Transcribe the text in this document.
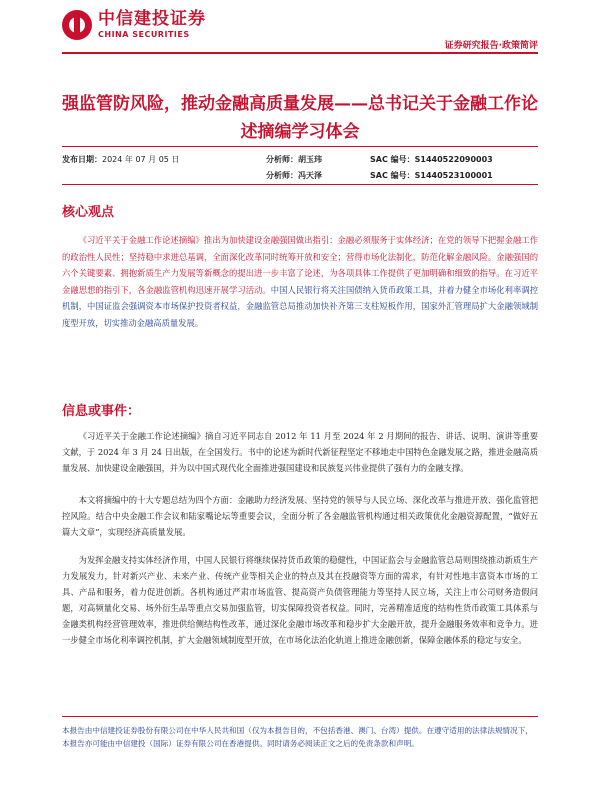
中信建投证券
CHINA SECURITIES
证券研究报告·政策简评
强监管防风险，推动金融高质量发展——总书记关于金融工作论述摘编学习体会
发布日期：2024 年 07 月 05 日	分析师：胡玉玮	SAC 编号：S1440522090003
分析师：冯天泽	SAC 编号：S1440523100001
核心观点

《习近平关于金融工作论述摘编》推出为加快建设金融强国做出指引：金融必须服务于实体经济；在党的领导下把握金融工作的政治性人民性；坚持稳中求进总基调，全面深化改革同时统筹开放和安全；营得市场化法制化，防范化解金融风险。金融强国的六个关键要素、拥抱新质生产力发展等新概念的提出进一步丰富了论述，为各项具体工作提供了更加明确和细致的指导。在习近平金融思想的指引下，各金融监管机构迅速开展学习活动。中国人民银行将关注国债纳入货币政策工具，并着力健全市场化利率调控机制，中国证监会强调资本市场保护投资者权益，金融监管总局推动加快补齐第三支柱短板作用，国家外汇管理局扩大金融领域制度型开放，切实推动金融高质量发展。

信息或事件：

《习近平关于金融工作论述摘编》摘自习近平同志自 2012 年 11 月至 2024 年 2 月期间的报告、讲话、说明、演讲等重要文献，于 2024 年 3 月 24 日出版，在全国发行。书中的论述为新时代新征程坚定不移地走中国特色金融发展之路，推进金融高质量发展、加快建设金融强国，并为以中国式现代化全面推进强国建设和民族复兴伟业提供了强有力的金融支撑。

本文将摘编中的十大专题总结为四个方面：金融助力经济发展、坚持党的领导与人民立场、深化改革与推进开放、强化监管把控风险。结合中央金融工作会议和陆家嘴论坛等重要会议，全面分析了各金融监管机构通过相关政策优化金融资源配置，“做好五篇大文章”，实现经济高质量发展。

为发挥金融支持实体经济作用，中国人民银行将继续保持货币政策的稳健性，中国证监会与金融监管总局则围绕推动新质生产力发展发力，针对新兴产业、未来产业、传统产业等相关企业的特点及其在投融资等方面的需求，有针对性地丰富资本市场的工具、产品和服务，着力促进创新。各机构通过严肃市场监管、提高资产负债管理能力等坚持人民立场，关注上市公司财务造假问题，对高频量化交易、场外衍生品等重点交易加强监管，切实保障投资者权益。同时，完善精准适度的结构性货币政策工具体系与金融类机构经营管理效率，推进供给侧结构性改革，通过深化金融市场改革和稳步扩大金融开放，提升金融服务效率和竞争力。进一步健全市场化利率调控机制，扩大金融领域制度型开放，在市场化法治化轨道上推进金融创新，保障金融体系的稳定与安全。

本报告由中信建投证券股份有限公司在中华人民共和国（仅为本报告目的，不包括香港、澳门、台湾）提供。在遵守适用的法律法规情况下，本报告亦可能由中信建投（国际）证券有限公司在香港提供。同时请务必阅读正文之后的免责条款和声明。
